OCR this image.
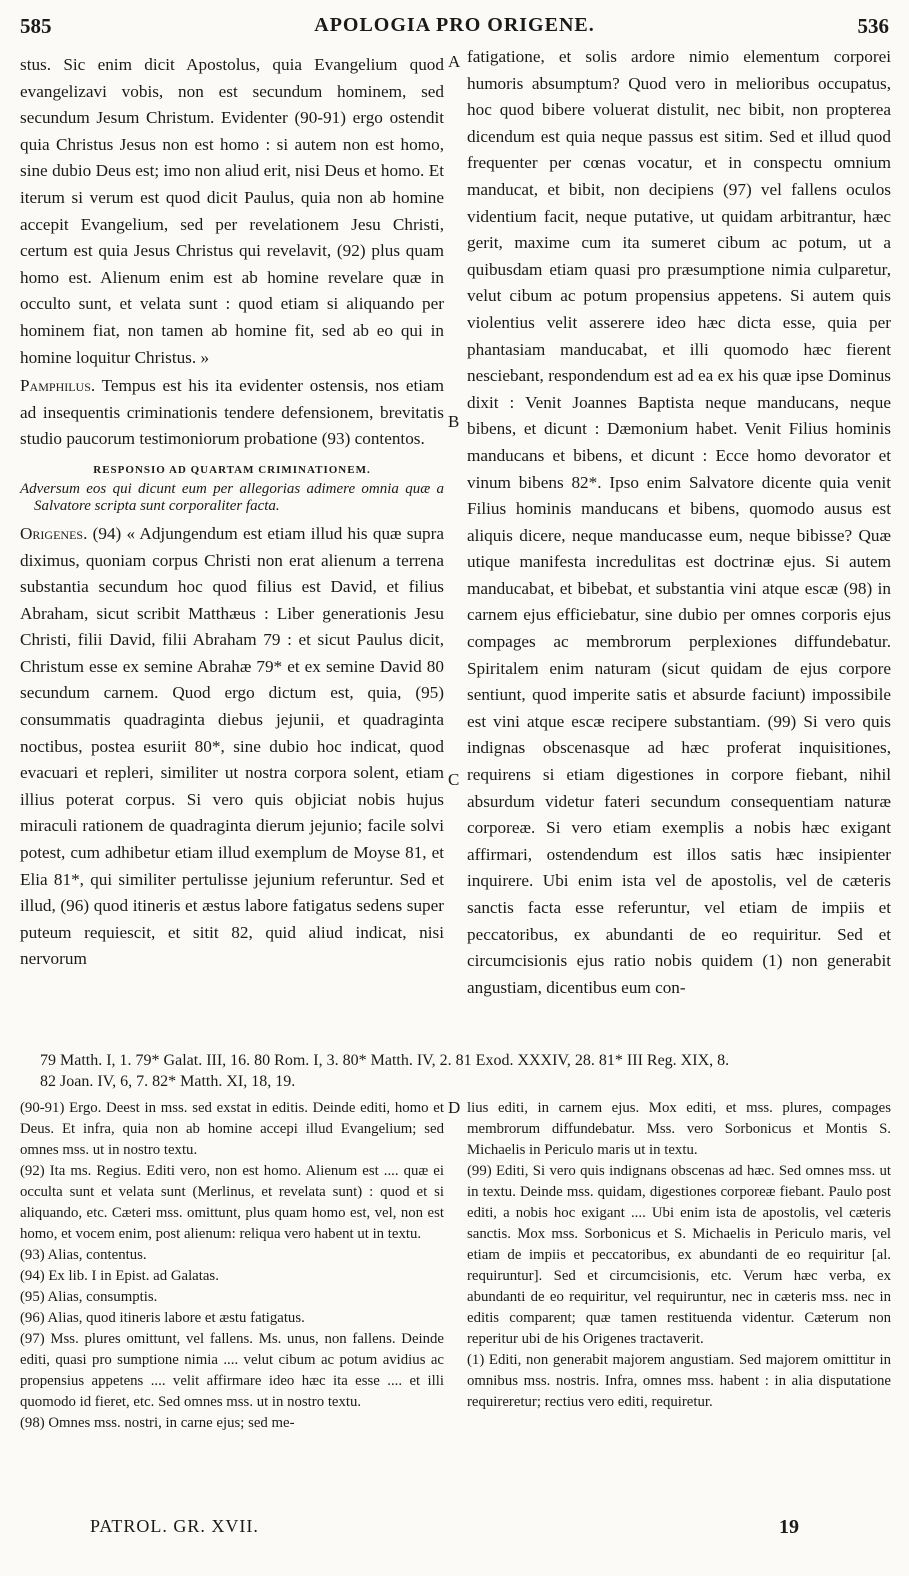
585	APOLOGIA PRO ORIGENE.	536

stus. Sic enim dicit Apostolus, quia Evangelium quod evangelizavi vobis, non est secundum hominem, sed secundum Jesum Christum. Evidenter (90-91) ergo ostendit quia Christus Jesus non est homo : si autem non est homo, sine dubio Deus est; imo non aliud erit, nisi Deus et homo. Et iterum si verum est quod dicit Paulus, quia non ab homine accepit Evangelium, sed per revelationem Jesu Christi, certum est quia Jesus Christus qui revelavit, (92) plus quam homo est. Alienum enim est ab homine revelare quæ in occulto sunt, et velata sunt : quod etiam si aliquando per hominem fiat, non tamen ab homine fit, sed ab eo qui in homine loquitur Christus. »

Pamphilus. Tempus est his ita evidenter ostensis, nos etiam ad insequentis criminationis tendere defensionem, brevitatis studio paucorum testimoniorum probatione (93) contentos.

RESPONSIO AD QUARTAM CRIMINATIONEM.

Adversum eos qui dicunt eum per allegorias adimere omnia quæ a Salvatore scripta sunt corporaliter facta.

Origenes. (94) « Adjungendum est etiam illud his quæ supra diximus, quoniam corpus Christi non erat alienum a terrena substantia secundum hoc quod filius est David, et filius Abraham, sicut scribit Matthæus : Liber generationis Jesu Christi, filii David, filii Abraham 79 : et sicut Paulus dicit, Christum esse ex semine Abrahæ 79* et ex semine David 80 secundum carnem. Quod ergo dictum est, quia, (95) consummatis quadraginta diebus jejunii, et quadraginta noctibus, postea esuriit 80*, sine dubio hoc indicat, quod evacuari et repleri, similiter ut nostra corpora solent, etiam illius poterat corpus. Si vero quis objiciat nobis hujus miraculi rationem de quadraginta dierum jejunio; facile solvi potest, cum adhibetur etiam illud exemplum de Moyse 81, et Elia 81*, qui similiter pertulisse jejunium referuntur. Sed et illud, (96) quod itineris et æstus labore fatigatus sedens super puteum requiescit, et sitit 82, quid aliud indicat, nisi nervorum

A
B
C
D

fatigatione, et solis ardore nimio elementum corporei humoris absumptum? Quod vero in melioribus occupatus, hoc quod bibere voluerat distulit, nec bibit, non propterea dicendum est quia neque passus est sitim. Sed et illud quod frequenter per cœnas vocatur, et in conspectu omnium manducat, et bibit, non decipiens (97) vel fallens oculos videntium facit, neque putative, ut quidam arbitrantur, hæc gerit, maxime cum ita sumeret cibum ac potum, ut a quibusdam etiam quasi pro præsumptione nimia culparetur, velut cibum ac potum propensius appetens. Si autem quis violentius velit asserere ideo hæc dicta esse, quia per phantasiam manducabat, et illi quomodo hæc fierent nesciebant, respondendum est ad ea ex his quæ ipse Dominus dixit : Venit Joannes Baptista neque manducans, neque bibens, et dicunt : Dæmonium habet. Venit Filius hominis manducans et bibens, et dicunt : Ecce homo devorator et vinum bibens 82*. Ipso enim Salvatore dicente quia venit Filius hominis manducans et bibens, quomodo ausus est aliquis dicere, neque manducasse eum, neque bibisse? Quæ utique manifesta incredulitas est doctrinæ ejus. Si autem manducabat, et bibebat, et substantia vini atque escæ (98) in carnem ejus efficiebatur, sine dubio per omnes corporis ejus compages ac membrorum perplexiones diffundebatur. Spiritalem enim naturam (sicut quidam de ejus corpore sentiunt, quod imperite satis et absurde faciunt) impossibile est vini atque escæ recipere substantiam. (99) Si vero quis indignas obscenasque ad hæc proferat inquisitiones, requirens si etiam digestiones in corpore fiebant, nihil absurdum videtur fateri secundum consequentiam naturæ corporeæ. Si vero etiam exemplis a nobis hæc exigant affirmari, ostendendum est illos satis hæc insipienter inquirere. Ubi enim ista vel de apostolis, vel de cæteris sanctis facta esse referuntur, vel etiam de impiis et peccatoribus, ex abundanti de eo requiritur. Sed et circumcisionis ejus ratio nobis quidem (1) non generabit angustiam, dicentibus eum con-

79 Matth. I, 1. 79* Galat. III, 16. 80 Rom. I, 3. 80* Matth. IV, 2. 81 Exod. XXXIV, 28. 81* III Reg. XIX, 8.
82 Joan. IV, 6, 7. 82* Matth. XI, 18, 19.

(90-91) Ergo. Deest in mss. sed exstat in editis. Deinde editi, homo et Deus. Et infra, quia non ab homine accepi illud Evangelium; sed omnes mss. ut in nostro textu.

(92) Ita ms. Regius. Editi vero, non est homo. Alienum est .... quæ ei occulta sunt et velata sunt (Merlinus, et revelata sunt) : quod et si aliquando, etc. Cæteri mss. omittunt, plus quam homo est, vel, non est homo, et vocem enim, post alienum: reliqua vero habent ut in textu.

(93) Alias, contentus.

(94) Ex lib. I in Epist. ad Galatas.

(95) Alias, consumptis.

(96) Alias, quod itineris labore et æstu fatigatus.

(97) Mss. plures omittunt, vel fallens. Ms. unus, non fallens. Deinde editi, quasi pro sumptione nimia .... velut cibum ac potum avidius ac propensius appetens .... velit affirmare ideo hæc ita esse .... et illi quomodo id fieret, etc. Sed omnes mss. ut in nostro textu.

(98) Omnes mss. nostri, in carne ejus; sed me-

lius editi, in carnem ejus. Mox editi, et mss. plures, compages membrorum diffundebatur. Mss. vero Sorbonicus et Montis S. Michaelis in Periculo maris ut in textu.

(99) Editi, Si vero quis indignans obscenas ad hæc. Sed omnes mss. ut in textu. Deinde mss. quidam, digestiones corporeæ fiebant. Paulo post editi, a nobis hoc exigant .... Ubi enim ista de apostolis, vel cæteris sanctis. Mox mss. Sorbonicus et S. Michaelis in Periculo maris, vel etiam de impiis et peccatoribus, ex abundanti de eo requiritur [al. requiruntur]. Sed et circumcisionis, etc. Verum hæc verba, ex abundanti de eo requiritur, vel requiruntur, nec in cæteris mss. nec in editis comparent; quæ tamen restituenda videntur. Cæterum non reperitur ubi de his Origenes tractaverit.

(1) Editi, non generabit majorem angustiam. Sed majorem omittitur in omnibus mss. nostris. Infra, omnes mss. habent : in alia disputatione requireretur; rectius vero editi, requiretur.

PATROL. GR. XVII.	19
